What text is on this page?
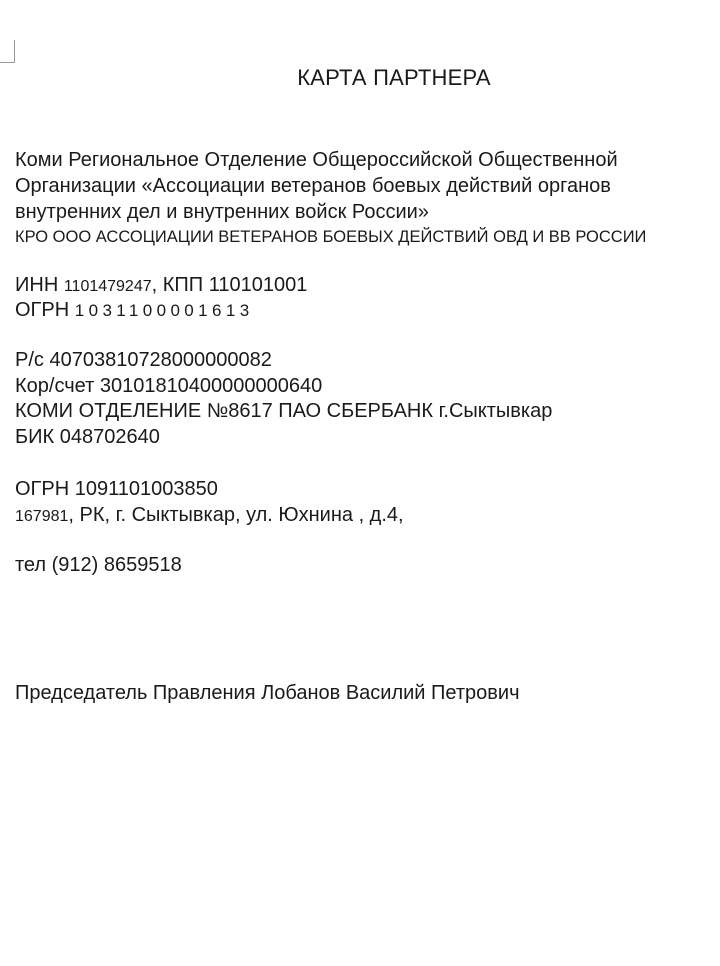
КАРТА ПАРТНЕРА
Коми Региональное Отделение Общероссийской Общественной
Организации «Ассоциации ветеранов боевых действий органов
внутренних дел и внутренних войск России»
КРО ООО АССОЦИАЦИИ ВЕТЕРАНОВ БОЕВЫХ ДЕЙСТВИЙ ОВД И ВВ РОССИИ
ИНН 1101479247, КПП 110101001
ОГРН 1031100001613
Р/с 40703810728000000082
Кор/счет 30101810400000000640
КОМИ ОТДЕЛЕНИЕ №8617 ПАО СБЕРБАНК г.Сыктывкар
БИК 048702640
ОГРН 1091101003850
167981, РК, г. Сыктывкар, ул. Юхнина , д.4,
тел (912) 8659518
Председатель Правления Лобанов Василий Петрович
